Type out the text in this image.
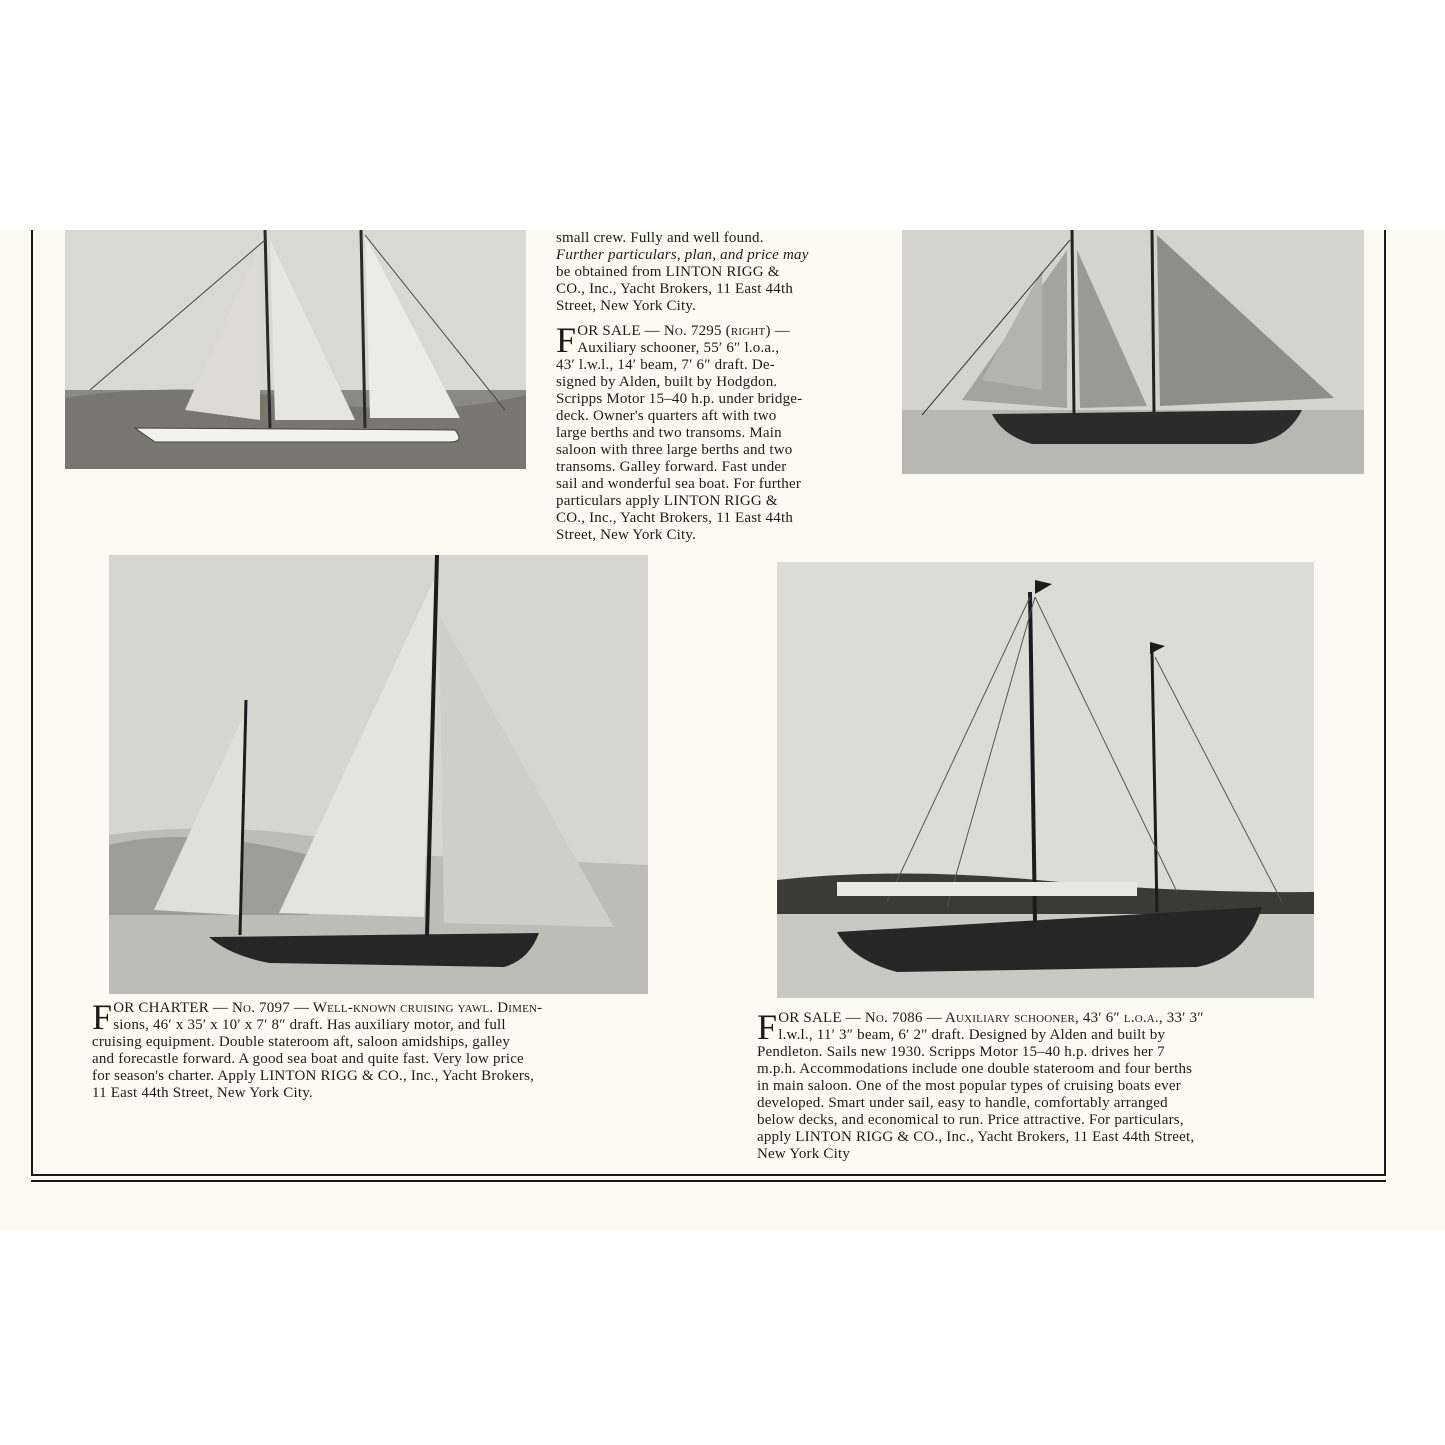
small crew. Fully and well found.
Further particulars, plan, and price may
be obtained from LINTON RIGG &
CO., Inc., Yacht Brokers, 11 East 44th
Street, New York City.
F OR SALE — No. 7295 (right) —
Auxiliary schooner, 55′ 6″ l.o.a.,
43′ l.w.l., 14′ beam, 7′ 6″ draft. De-
signed by Alden, built by Hodgdon.
Scripps Motor 15–40 h.p. under bridge-
deck. Owner's quarters aft with two
large berths and two transoms. Main
saloon with three large berths and two
transoms. Galley forward. Fast under
sail and wonderful sea boat. For further
particulars apply LINTON RIGG &
CO., Inc., Yacht Brokers, 11 East 44th
Street, New York City.
F OR CHARTER — No. 7097 — Well-known cruising yawl. Dimen-
sions, 46′ x 35′ x 10′ x 7′ 8″ draft. Has auxiliary motor, and full
cruising equipment. Double stateroom aft, saloon amidships, galley
and forecastle forward. A good sea boat and quite fast. Very low price
for season's charter. Apply LINTON RIGG & CO., Inc., Yacht Brokers,
11 East 44th Street, New York City.
F OR SALE — No. 7086 — Auxiliary schooner, 43′ 6″ l.o.a., 33′ 3″
l.w.l., 11′ 3″ beam, 6′ 2″ draft. Designed by Alden and built by
Pendleton. Sails new 1930. Scripps Motor 15–40 h.p. drives her 7
m.p.h. Accommodations include one double stateroom and four berths
in main saloon. One of the most popular types of cruising boats ever
developed. Smart under sail, easy to handle, comfortably arranged
below decks, and economical to run. Price attractive. For particulars,
apply LINTON RIGG & CO., Inc., Yacht Brokers, 11 East 44th Street,
New York City
